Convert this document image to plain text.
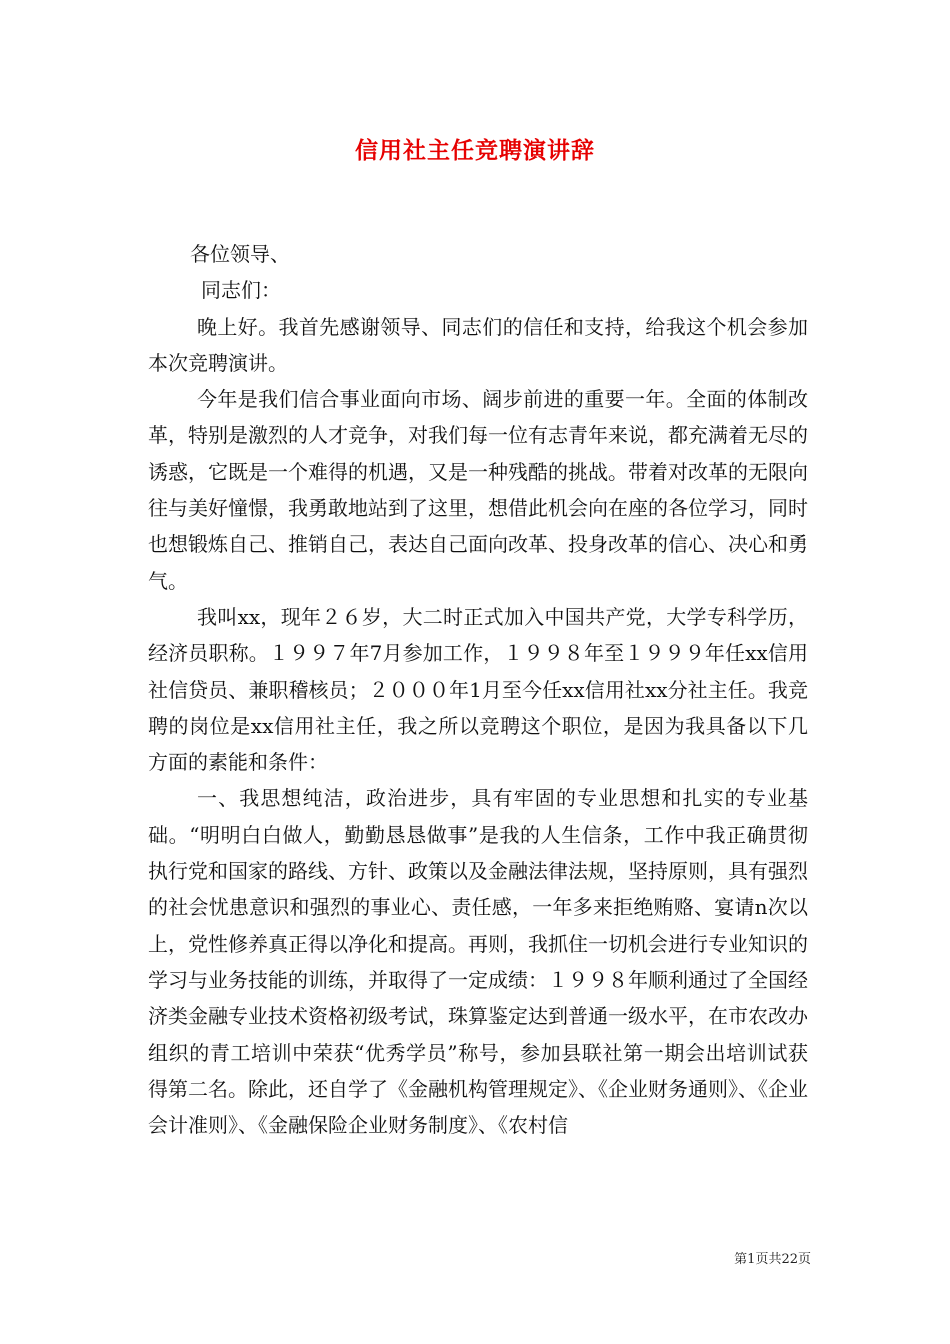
信用社主任竞聘演讲辞

各位领导、

同志们：

晚上好。我首先感谢领导、同志们的信任和支持，给我这个机会参加本次竞聘演讲。

今年是我们信合事业面向市场、阔步前进的重要一年。全面的体制改革，特别是激烈的人才竞争，对我们每一位有志青年来说，都充满着无尽的诱惑，它既是一个难得的机遇，又是一种残酷的挑战。带着对改革的无限向往与美好憧憬，我勇敢地站到了这里，想借此机会向在座的各位学习，同时也想锻炼自己、推销自己，表达自己面向改革、投身改革的信心、决心和勇气。

我叫xx，现年２６岁，大二时正式加入中国共产党，大学专科学历，经济员职称。１９９７年7月参加工作，１９９８年至１９９９年任xx信用社信贷员、兼职稽核员；２０００年1月至今任xx信用社xx分社主任。我竞聘的岗位是xx信用社主任，我之所以竞聘这个职位，是因为我具备以下几方面的素能和条件：

一、我思想纯洁，政治进步，具有牢固的专业思想和扎实的专业基础。“明明白白做人，勤勤恳恳做事”是我的人生信条，工作中我正确贯彻执行党和国家的路线、方针、政策以及金融法律法规，坚持原则，具有强烈的社会忧患意识和强烈的事业心、责任感，一年多来拒绝贿赂、宴请n次以上，党性修养真正得以净化和提高。再则，我抓住一切机会进行专业知识的学习与业务技能的训练，并取得了一定成绩：１９９８年顺利通过了全国经济类金融专业技术资格初级考试，珠算鉴定达到普通一级水平，在市农改办组织的青工培训中荣获“优秀学员”称号，参加县联社第一期会出培训试获得第二名。除此，还自学了《金融机构管理规定》、《企业财务通则》、《企业会计准则》、《金融保险企业财务制度》、《农村信

第1页共22页
